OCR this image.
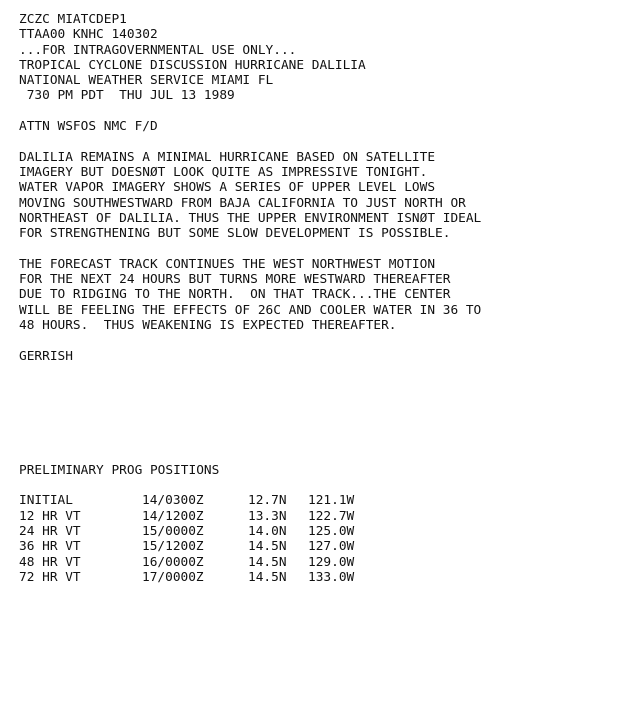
ZCZC MIATCDEP1
TTAA00 KNHC 140302
...FOR INTRAGOVERNMENTAL USE ONLY...
TROPICAL CYCLONE DISCUSSION HURRICANE DALILIA
NATIONAL WEATHER SERVICE MIAMI FL
730 PM PDT  THU JUL 13 1989
ATTN WSFOS NMC F/D
DALILIA REMAINS A MINIMAL HURRICANE BASED ON SATELLITE
IMAGERY BUT DOESNØT LOOK QUITE AS IMPRESSIVE TONIGHT.
WATER VAPOR IMAGERY SHOWS A SERIES OF UPPER LEVEL LOWS
MOVING SOUTHWESTWARD FROM BAJA CALIFORNIA TO JUST NORTH OR
NORTHEAST OF DALILIA. THUS THE UPPER ENVIRONMENT ISNØT IDEAL
FOR STRENGTHENING BUT SOME SLOW DEVELOPMENT IS POSSIBLE.
THE FORECAST TRACK CONTINUES THE WEST NORTHWEST MOTION
FOR THE NEXT 24 HOURS BUT TURNS MORE WESTWARD THEREAFTER
DUE TO RIDGING TO THE NORTH.  ON THAT TRACK...THE CENTER
WILL BE FEELING THE EFFECTS OF 26C AND COOLER WATER IN 36 TO
48 HOURS.  THUS WEAKENING IS EXPECTED THEREAFTER.
GERRISH
PRELIMINARY PROG POSITIONS
INITIAL	14/0300Z	12.7N	121.1W
12 HR VT	14/1200Z	13.3N	122.7W
24 HR VT	15/0000Z	14.0N	125.0W
36 HR VT	15/1200Z	14.5N	127.0W
48 HR VT	16/0000Z	14.5N	129.0W
72 HR VT	17/0000Z	14.5N	133.0W
